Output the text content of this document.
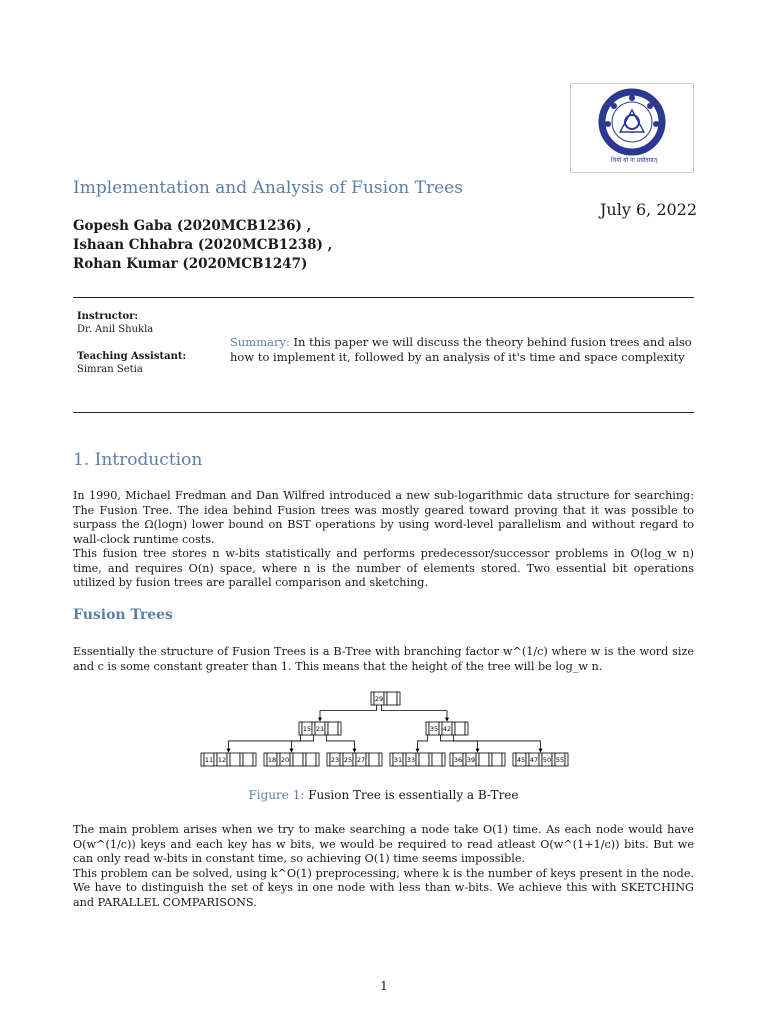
धियो यो नः प्रचोदयात्
Implementation and Analysis of Fusion Trees
July 6, 2022
Gopesh Gaba (2020MCB1236) ,
Ishaan Chhabra (2020MCB1238) ,
Rohan Kumar (2020MCB1247)
Instructor:
Dr. Anil Shukla
Teaching Assistant:
Simran Setia
Summary: In this paper we will discuss the theory behind fusion trees and also how to implement it, followed by an analysis of it's time and space complexity
1. Introduction

In 1990, Michael Fredman and Dan Wilfred introduced a new sub-logarithmic data structure for searching: The Fusion Tree. The idea behind Fusion trees was mostly geared toward proving that it was possible to surpass the Ω(logn) lower bound on BST operations by using word-level parallelism and without regard to wall-clock runtime costs.

This fusion tree stores n w-bits statistically and performs predecessor/successor problems in O(log_w n) time, and requires O(n) space, where n is the number of elements stored. Two essential bit operations utilized by fusion trees are parallel comparison and sketching.

Fusion Trees
Essentially the structure of Fusion Trees is a B-Tree with branching factor w^(1/c) where w is the word size and c is some constant greater than 1. This means that the height of the tree will be log_w n.
29
15 21	35 42
11 12	18 20	23 25 27	31 33	36 39	45 47 50 55
Figure 1: Fusion Tree is essentially a B-Tree

The main problem arises when we try to make searching a node take O(1) time. As each node would have O(w^(1/c)) keys and each key has w bits, we would be required to read atleast O(w^(1+1/c)) bits. But we can only read w-bits in constant time, so achieving O(1) time seems impossible.

This problem can be solved, using k^O(1) preprocessing, where k is the number of keys present in the node. We have to distinguish the set of keys in one node with less than w-bits. We achieve this with SKETCHING and PARALLEL COMPARISONS.

1
